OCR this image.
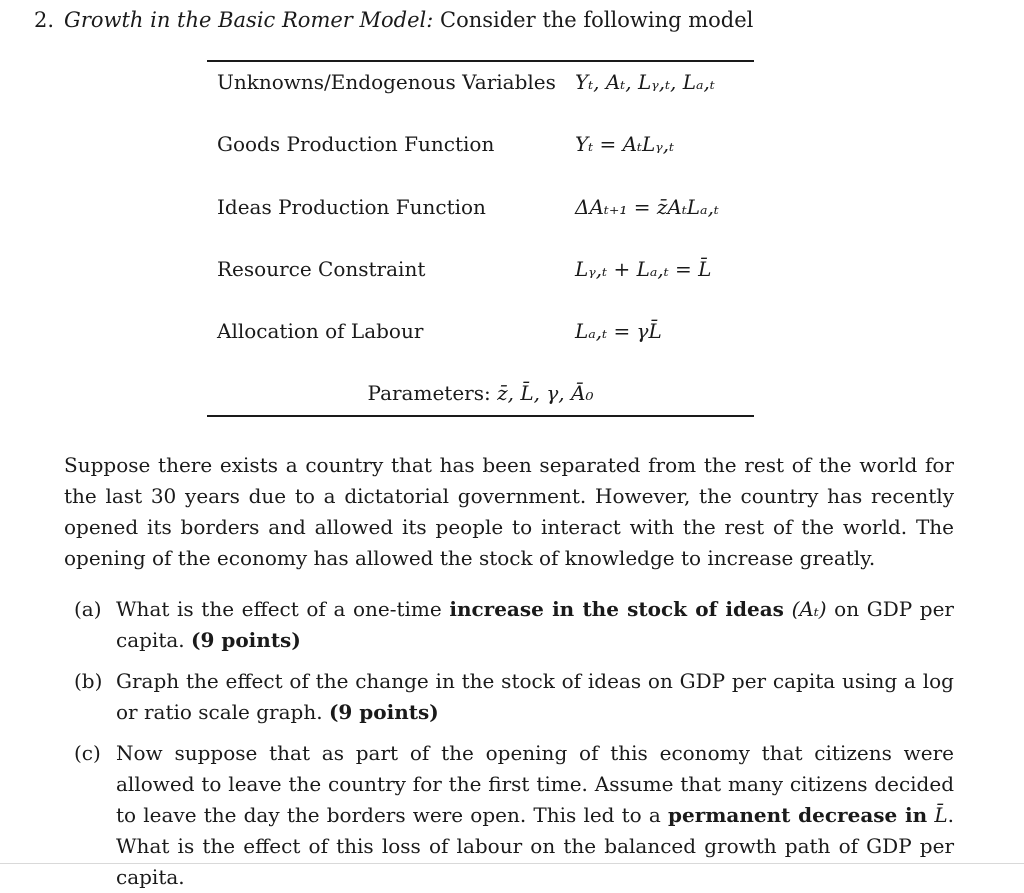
2. Growth in the Basic Romer Model: Consider the following model
Unknowns/Endogenous Variables Yₜ, Aₜ, Lᵧ,ₜ, Lₐ,ₜ
Goods Production Function	Yₜ = AₜLᵧ,ₜ
Ideas Production Function	ΔAₜ₊₁ = z̄AₜLₐ,ₜ
Resource Constraint	Lᵧ,ₜ + Lₐ,ₜ = L̄
Allocation of Labour	Lₐ,ₜ = γL̄
Parameters: z̄, L̄, γ, Ā₀
Suppose there exists a country that has been separated from the rest of the world for the last 30 years due to a dictatorial government. However, the country has recently opened its borders and allowed its people to interact with the rest of the world. The opening of the economy has allowed the stock of knowledge to increase greatly.
(a) What is the effect of a one-time increase in the stock of ideas (Aₜ) on GDP per capita. (9 points)
(b) Graph the effect of the change in the stock of ideas on GDP per capita using a log or ratio scale graph. (9 points)
(c) Now suppose that as part of the opening of this economy that citizens were allowed to leave the country for the first time. Assume that many citizens decided to leave the day the borders were open. This led to a permanent decrease in L̄. What is the effect of this loss of labour on the balanced growth path of GDP per capita.
